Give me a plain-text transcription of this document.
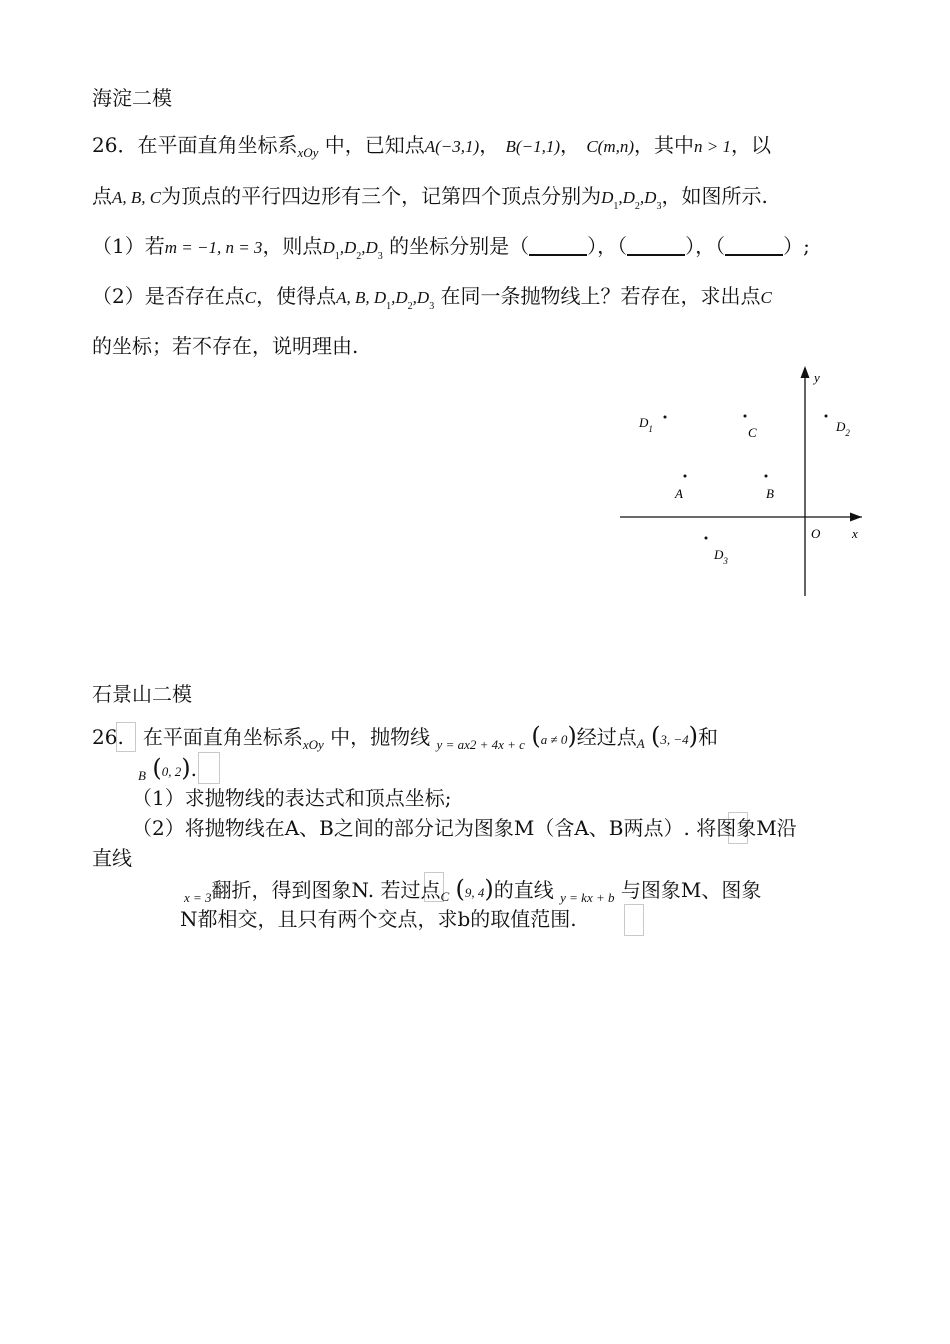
海淀二模
26．在平面直角坐标系$_{xOy}$ 中，已知点A(−3,1)， B(−1,1)， C(m,n)，其中n > 1，以
点A, B, C为顶点的平行四边形有三个，记第四个顶点分别为$D_1,D_2,D_3$，如图所示.
（1）若m = −1, n = 3，则点$D_1,D_2,D_3$ 的坐标分别是（	），（	），（	）;
（2）是否存在点C，使得点A, B, $D_1,D_2,D_3$ 在同一条抛物线上？若存在，求出点C
的坐标；若不存在，说明理由.
y
x
O
$D_1$	C	$D_2$
A	B
$D_3$
石景山二模
26. 在平面直角坐标系$_{xOy}$ 中，抛物线 $_{y = ax2 + 4x + c}$ (a ≠ 0)经过点$_A$ (3, −4)和
$_B$ (0, 2).
（1）求抛物线的表达式和顶点坐标;
（2）将抛物线在A、B之间的部分记为图象M（含A、B两点）. 将图象M沿
直线
$_{x = 3}$翻折，得到图象N. 若过点$_C$ (9, 4)的直线 $_{y = kx + b}$ 与图象M、图象
N都相交，且只有两个交点，求b的取值范围.
